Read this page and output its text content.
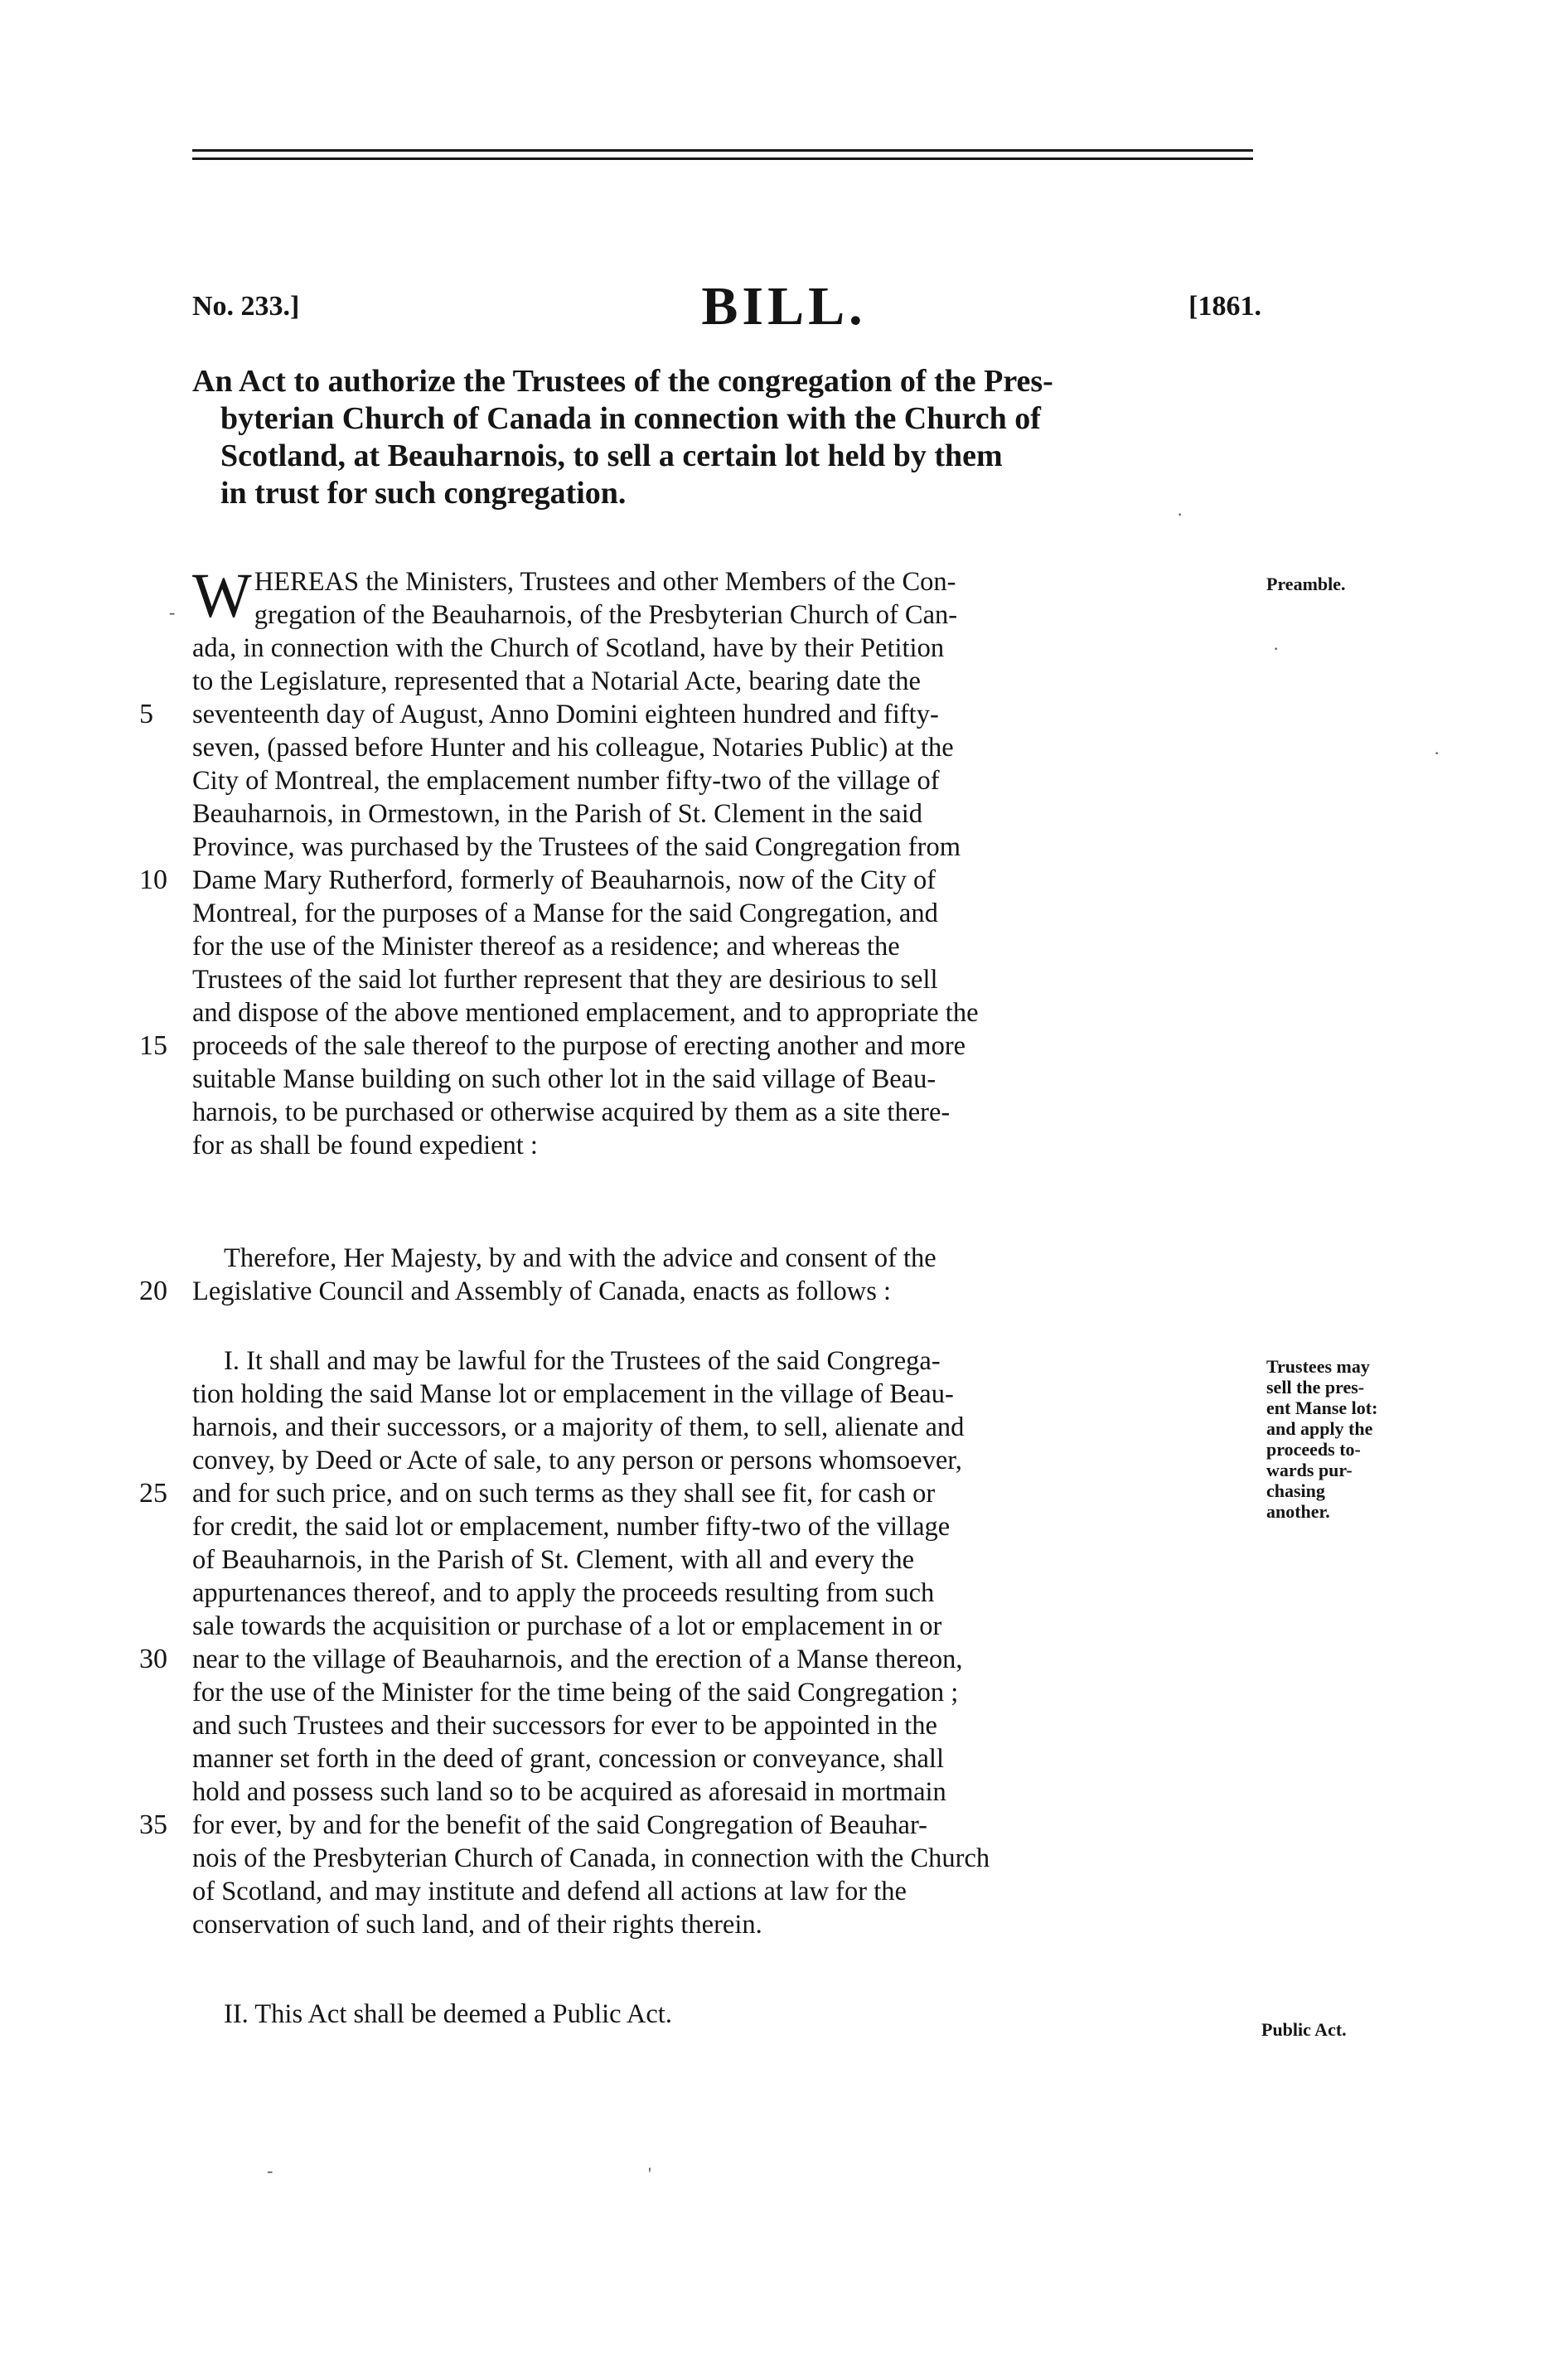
No. 233.]	BILL.	[1861.
An Act to authorize the Trustees of the congregation of the Pres-
byterian Church of Canada in connection with the Church of
Scotland, at Beauharnois, to sell a certain lot held by them
in trust for such congregation.
WHEREAS the Ministers, Trustees and other Members of the Con-
gregation of the Beauharnois, of the Presbyterian Church of Can-
ada, in connection with the Church of Scotland, have by their Petition
to the Legislature, represented that a Notarial Acte, bearing date the
seventeenth day of August, Anno Domini eighteen hundred and fifty-
seven, (passed before Hunter and his colleague, Notaries Public) at the
City of Montreal, the emplacement number fifty-two of the village of
Beauharnois, in Ormestown, in the Parish of St. Clement in the said
Province, was purchased by the Trustees of the said Congregation from
Dame Mary Rutherford, formerly of Beauharnois, now of the City of
Montreal, for the purposes of a Manse for the said Congregation, and
for the use of the Minister thereof as a residence; and whereas the
Trustees of the said lot further represent that they are desirious to sell
and dispose of the above mentioned emplacement, and to appropriate the
proceeds of the sale thereof to the purpose of erecting another and more
suitable Manse building on such other lot in the said village of Beau-
harnois, to be purchased or otherwise acquired by them as a site there-
for as shall be found expedient :
Preamble.
Therefore, Her Majesty, by and with the advice and consent of the
Legislative Council and Assembly of Canada, enacts as follows :
I. It shall and may be lawful for the Trustees of the said Congrega-
tion holding the said Manse lot or emplacement in the village of Beau-
harnois, and their successors, or a majority of them, to sell, alienate and
convey, by Deed or Acte of sale, to any person or persons whomsoever,
and for such price, and on such terms as they shall see fit, for cash or
for credit, the said lot or emplacement, number fifty-two of the village
of Beauharnois, in the Parish of St. Clement, with all and every the
appurtenances thereof, and to apply the proceeds resulting from such
sale towards the acquisition or purchase of a lot or emplacement in or
near to the village of Beauharnois, and the erection of a Manse thereon,
for the use of the Minister for the time being of the said Congregation ;
and such Trustees and their successors for ever to be appointed in the
manner set forth in the deed of grant, concession or conveyance, shall
hold and possess such land so to be acquired as aforesaid in mortmain
for ever, by and for the benefit of the said Congregation of Beauhar-
nois of the Presbyterian Church of Canada, in connection with the Church
of Scotland, and may institute and defend all actions at law for the
conservation of such land, and of their rights therein.
Trustees may
sell the pres-
ent Manse lot:
and apply the
proceeds to-
wards pur-
chasing
another.
II. This Act shall be deemed a Public Act.
Public Act.
5
10
15
20
25
30
35
-
·
·
·
-	'
